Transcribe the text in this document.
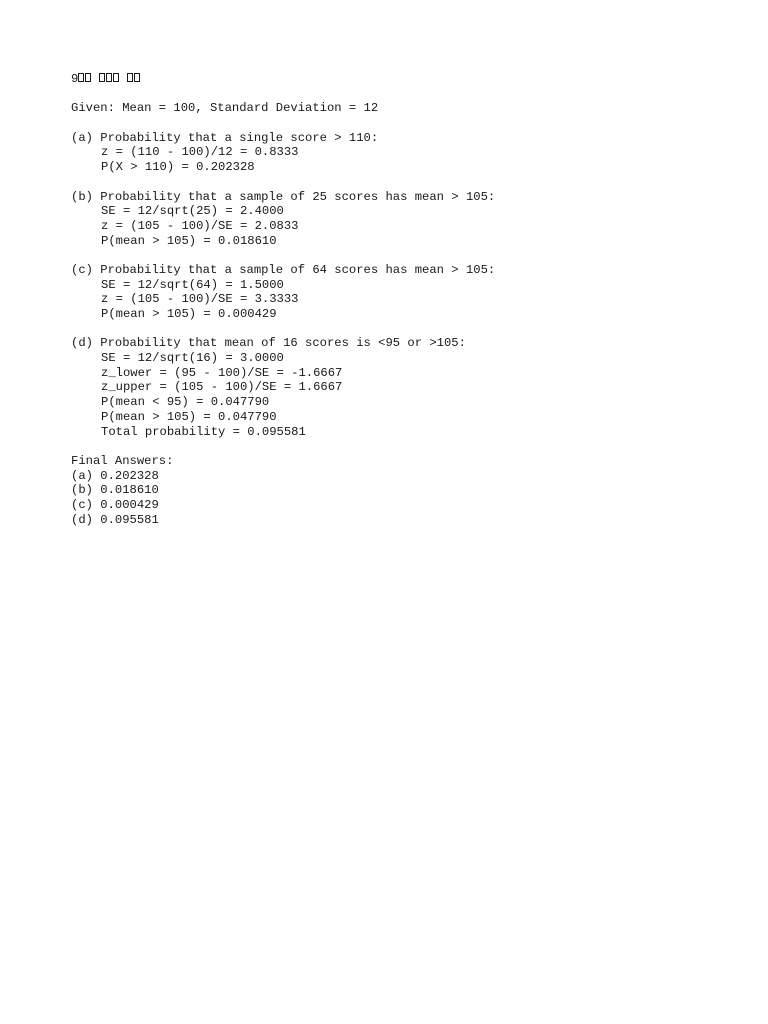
9
Given: Mean = 100, Standard Deviation = 12
(a) Probability that a single score > 110:
z = (110 - 100)/12 = 0.8333
P(X > 110) = 0.202328
(b) Probability that a sample of 25 scores has mean > 105:
SE = 12/sqrt(25) = 2.4000
z = (105 - 100)/SE = 2.0833
P(mean > 105) = 0.018610
(c) Probability that a sample of 64 scores has mean > 105:
SE = 12/sqrt(64) = 1.5000
z = (105 - 100)/SE = 3.3333
P(mean > 105) = 0.000429
(d) Probability that mean of 16 scores is <95 or >105:
SE = 12/sqrt(16) = 3.0000
z_lower = (95 - 100)/SE = -1.6667
z_upper = (105 - 100)/SE = 1.6667
P(mean < 95) = 0.047790
P(mean > 105) = 0.047790
Total probability = 0.095581
Final Answers:
(a) 0.202328
(b) 0.018610
(c) 0.000429
(d) 0.095581
